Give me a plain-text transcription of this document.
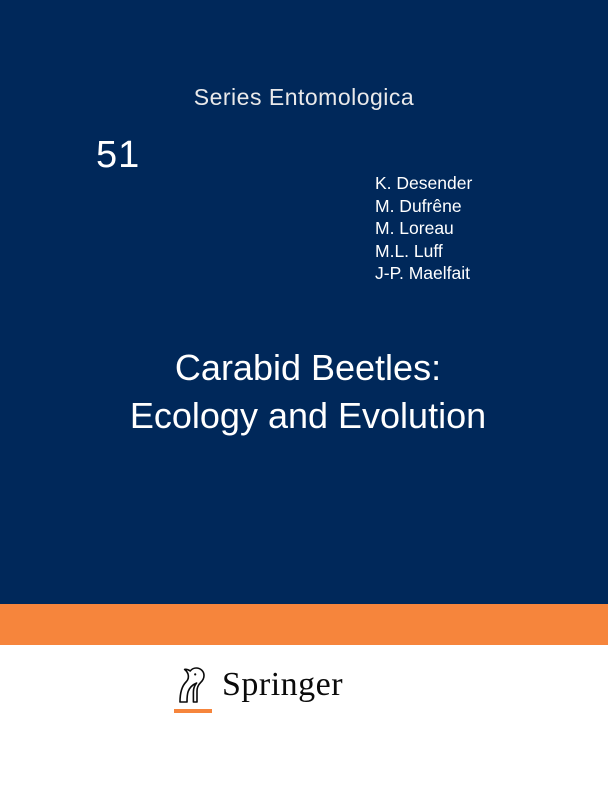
Series Entomologica
51
K. Desender
M. Dufrêne
M. Loreau
M.L. Luff
J-P. Maelfait
Carabid Beetles:
Ecology and Evolution
Springer
